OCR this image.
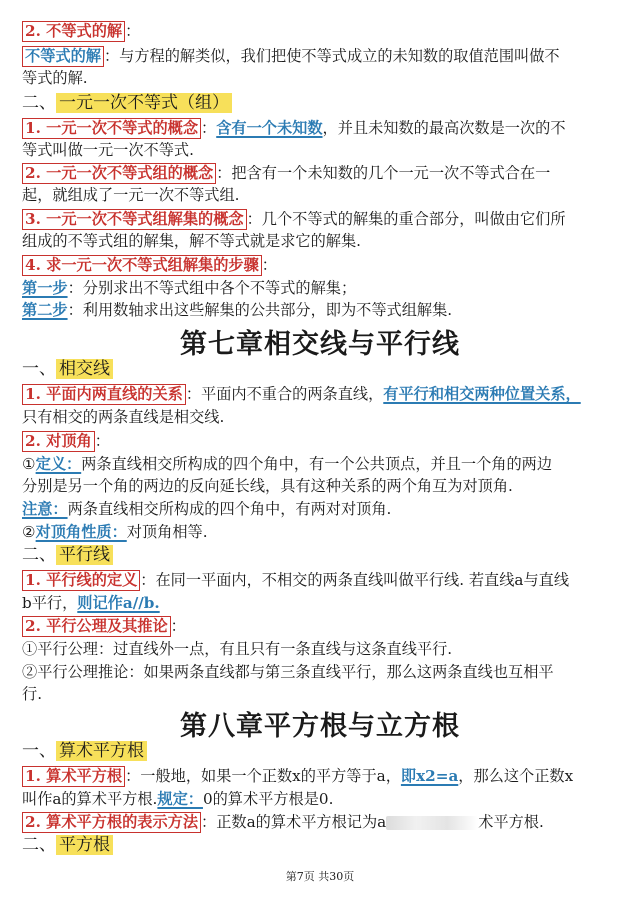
2. 不等式的解 ：
不等式的解 ：与方程的解类似，我们把使不等式成立的未知数的取值范围叫做不
等式的解.
二、 一元一次不等式（组）
1. 一元一次不等式的概念 ：含有一个未知数，并且未知数的最高次数是一次的不
等式叫做一元一次不等式.
2. 一元一次不等式组的概念 ：把含有一个未知数的几个一元一次不等式合在一
起，就组成了一元一次不等式组.
3. 一元一次不等式组解集的概念 ：几个不等式的解集的重合部分，叫做由它们所
组成的不等式组的解集，解不等式就是求它的解集.
4. 求一元一次不等式组解集的步骤 ：
第一步：分别求出不等式组中各个不等式的解集；
第二步：利用数轴求出这些解集的公共部分，即为不等式组解集.
第七章相交线与平行线
一、 相交线
1. 平面内两直线的关系 ：平面内不重合的两条直线，有平行和相交两种位置关系，
只有相交的两条直线是相交线.
2. 对顶角 ：
①定义：两条直线相交所构成的四个角中，有一个公共顶点，并且一个角的两边
分别是另一个角的两边的反向延长线，具有这种关系的两个角互为对顶角.
注意：两条直线相交所构成的四个角中，有两对对顶角.
②对顶角性质：对顶角相等.
二、 平行线
1. 平行线的定义 ：在同一平面内，不相交的两条直线叫做平行线. 若直线a与直线
b平行，则记作a//b.
2. 平行公理及其推论 ：
①平行公理：过直线外一点，有且只有一条直线与这条直线平行.
②平行公理推论：如果两条直线都与第三条直线平行，那么这两条直线也互相平
行.
第八章平方根与立方根
一、 算术平方根
1. 算术平方根 ：一般地，如果一个正数x的平方等于a，即x2=a，那么这个正数x
叫作a的算术平方根.规定：0的算术平方根是0.
2. 算术平方根的表示方法 ：正数a的算术平方根记为a	术平方根.
二、 平方根
第7页 共30页
